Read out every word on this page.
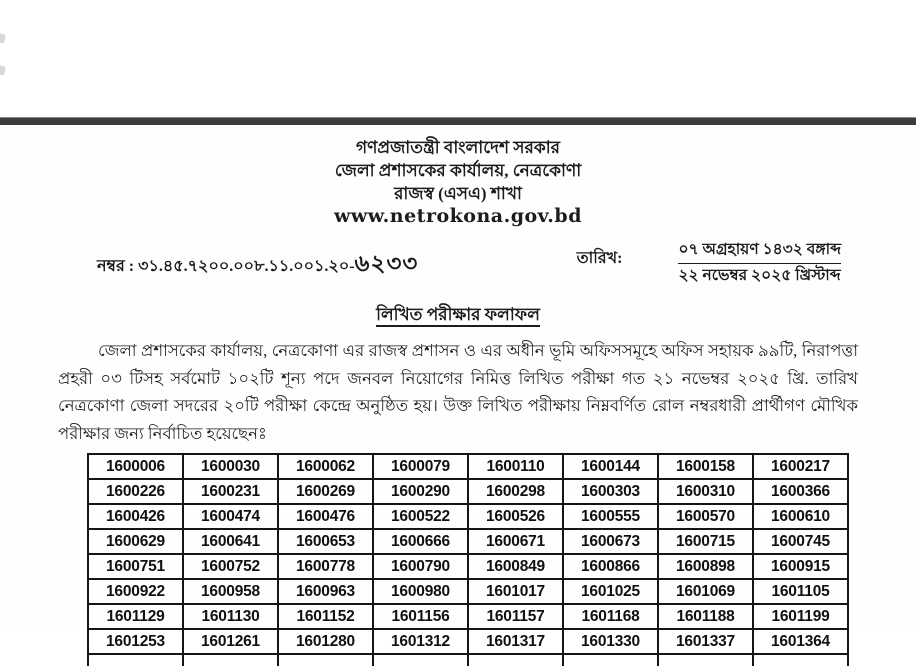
গণপ্রজাতন্ত্রী বাংলাদেশ সরকার
জেলা প্রশাসকের কার্যালয়, নেত্রকোণা
রাজস্ব (এসএ) শাখা
www.netrokona.gov.bd
নম্বর : ৩১.৪৫.৭২০০.০০৮.১১.০০১.২০-৬২৩৩	তারিখ:
০৭ অগ্রহায়ণ ১৪৩২ বঙ্গাব্দ
২২ নভেম্বর ২০২৫ খ্রিস্টাব্দ
লিখিত পরীক্ষার ফলাফল
জেলা প্রশাসকের কার্যালয়, নেত্রকোণা এর রাজস্ব প্রশাসন ও এর অধীন ভূমি অফিসসমূহে অফিস সহায়ক ৯৯টি, নিরাপত্তা প্রহরী ০৩ টিসহ সর্বমোট ১০২টি শূন্য পদে জনবল নিয়োগের নিমিত্ত লিখিত পরীক্ষা গত ২১ নভেম্বর ২০২৫ খ্রি. তারিখ নেত্রকোণা জেলা সদরের ২০টি পরীক্ষা কেন্দ্রে অনুষ্ঠিত হয়। উক্ত লিখিত পরীক্ষায় নিম্নবর্ণিত রোল নম্বরধারী প্রার্থীগণ মৌখিক পরীক্ষার জন্য নির্বাচিত হয়েছেনঃ
1600006	1600030	1600062	1600079	1600110	1600144	1600158	1600217
1600226	1600231	1600269	1600290	1600298	1600303	1600310	1600366
1600426	1600474	1600476	1600522	1600526	1600555	1600570	1600610
1600629	1600641	1600653	1600666	1600671	1600673	1600715	1600745
1600751	1600752	1600778	1600790	1600849	1600866	1600898	1600915
1600922	1600958	1600963	1600980	1601017	1601025	1601069	1601105
1601129	1601130	1601152	1601156	1601157	1601168	1601188	1601199
1601253	1601261	1601280	1601312	1601317	1601330	1601337	1601364
